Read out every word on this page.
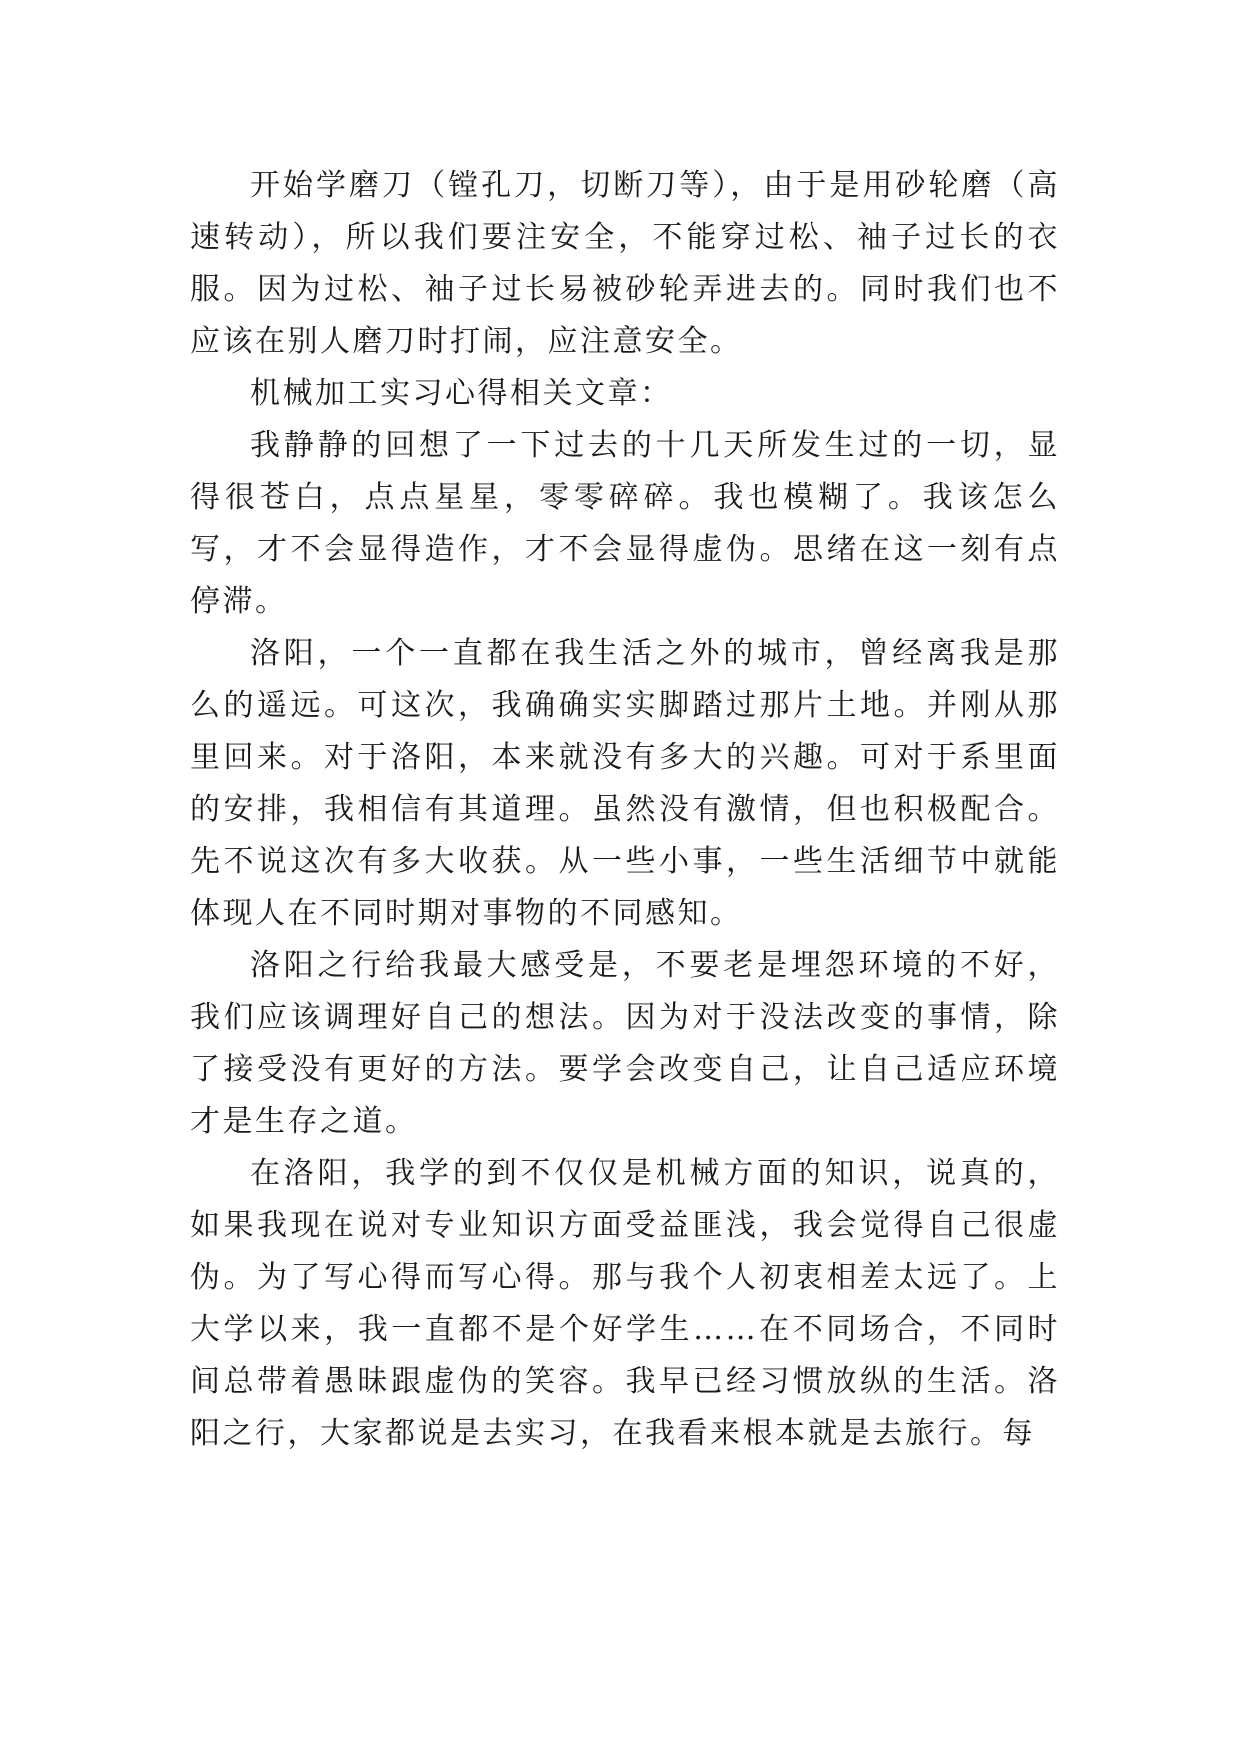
开始学磨刀（镗孔刀，切断刀等），由于是用砂轮磨（高速转动），所以我们要注安全，不能穿过松、袖子过长的衣服。因为过松、袖子过长易被砂轮弄进去的。同时我们也不应该在别人磨刀时打闹，应注意安全。

机械加工实习心得相关文章：

我静静的回想了一下过去的十几天所发生过的一切，显得很苍白，点点星星，零零碎碎。我也模糊了。我该怎么写，才不会显得造作，才不会显得虚伪。思绪在这一刻有点停滞。

洛阳，一个一直都在我生活之外的城市，曾经离我是那么的遥远。可这次，我确确实实脚踏过那片土地。并刚从那里回来。对于洛阳，本来就没有多大的兴趣。可对于系里面的安排，我相信有其道理。虽然没有激情，但也积极配合。先不说这次有多大收获。从一些小事，一些生活细节中就能体现人在不同时期对事物的不同感知。

洛阳之行给我最大感受是，不要老是埋怨环境的不好，我们应该调理好自己的想法。因为对于没法改变的事情，除了接受没有更好的方法。要学会改变自己，让自己适应环境才是生存之道。

在洛阳，我学的到不仅仅是机械方面的知识，说真的，如果我现在说对专业知识方面受益匪浅，我会觉得自己很虚伪。为了写心得而写心得。那与我个人初衷相差太远了。上大学以来，我一直都不是个好学生……在不同场合，不同时间总带着愚昧跟虚伪的笑容。我早已经习惯放纵的生活。洛阳之行，大家都说是去实习，在我看来根本就是去旅行。每
